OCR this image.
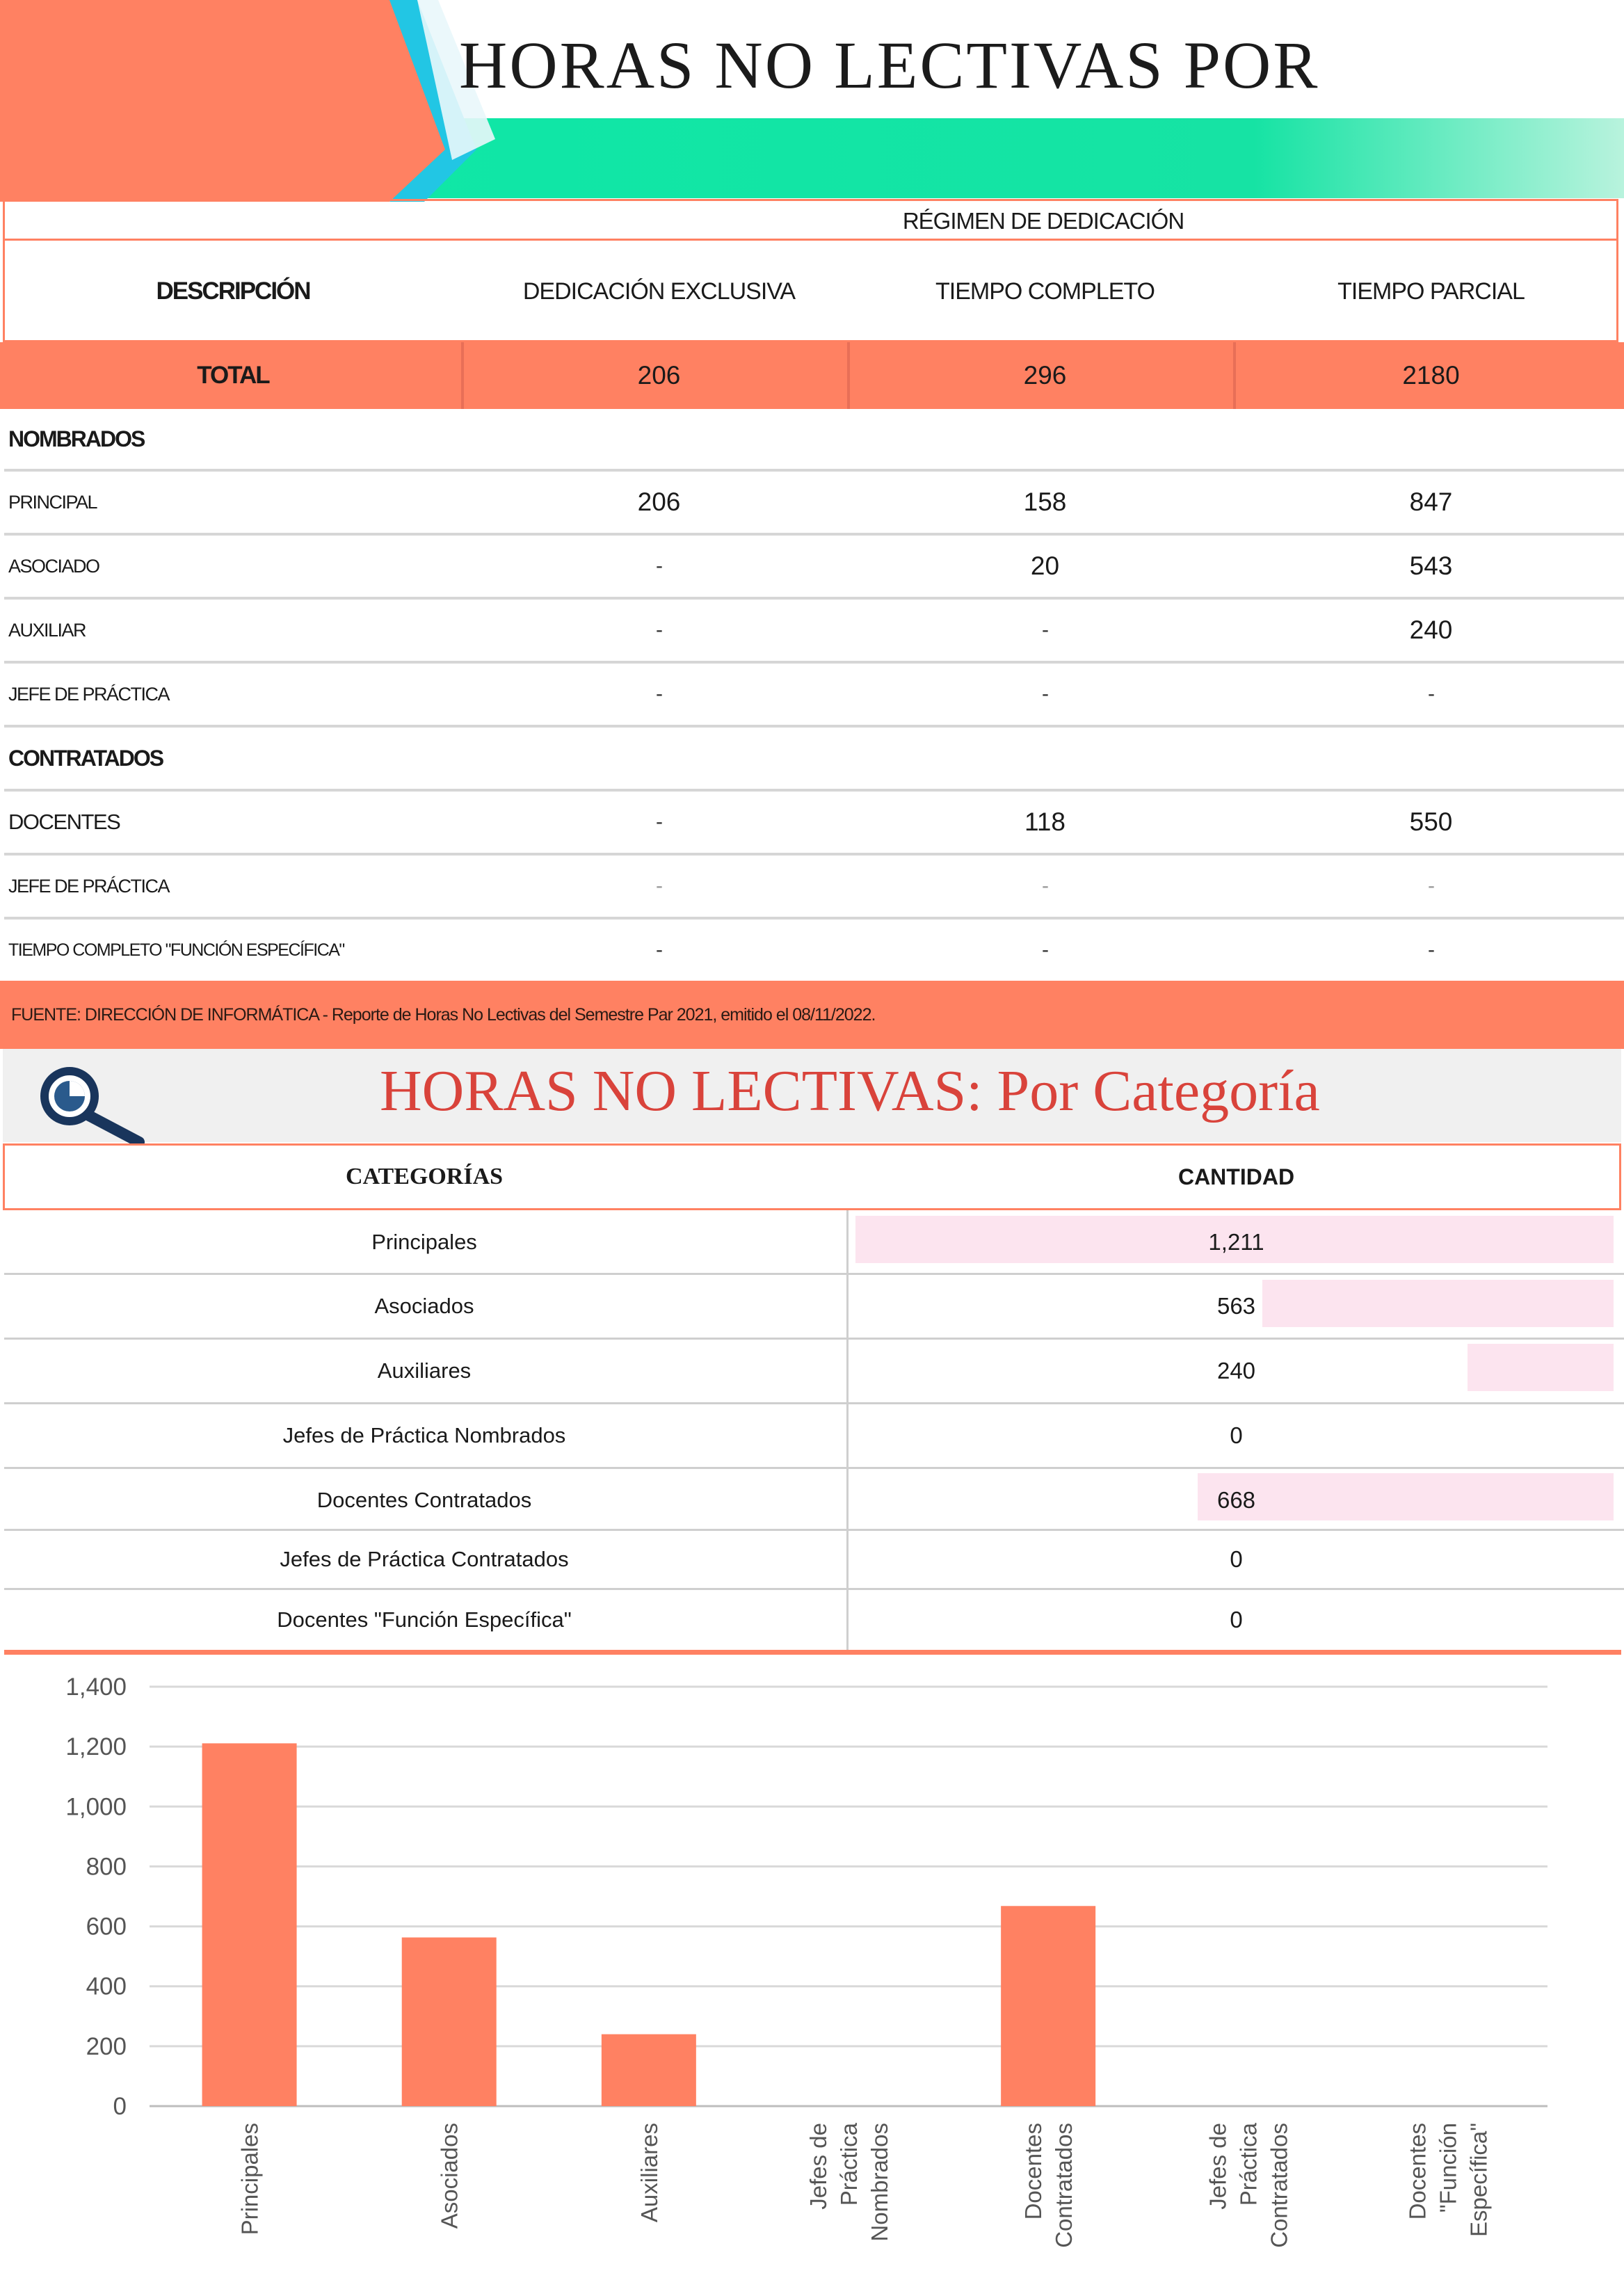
HORAS NO LECTIVAS POR
RÉGIMEN DE DEDICACIÓN
DESCRIPCIÓN	DEDICACIÓN EXCLUSIVA	TIEMPO COMPLETO	TIEMPO PARCIAL
TOTAL	206	296	2180
NOMBRADOS
PRINCIPAL	206	158	847
ASOCIADO	-	20	543
AUXILIAR	-	-	240
JEFE DE PRÁCTICA	-	-	-
CONTRATADOS
DOCENTES	-	118	550
JEFE DE PRÁCTICA	-	-	-
TIEMPO COMPLETO "FUNCIÓN ESPECÍFICA"	-	-	-
FUENTE: DIRECCIÓN DE INFORMÁTICA - Reporte de Horas No Lectivas del Semestre Par 2021, emitido el 08/11/2022.
HORAS NO LECTIVAS: Por Categoría
CATEGORÍAS	CANTIDAD
Principales	1,211
Asociados	563
Auxiliares	240
Jefes de Práctica Nombrados	0
Docentes Contratados	668
Jefes de Práctica Contratados	0
Docentes "Función Específica"	0
0
200
400
600
800
1,000
1,200
1,400
Principales	Asociados	Auxiliares	Jefes de Práctica Nombrados	Docentes Contratados	Jefes de Práctica Contratados	Docentes "Función Específica"
